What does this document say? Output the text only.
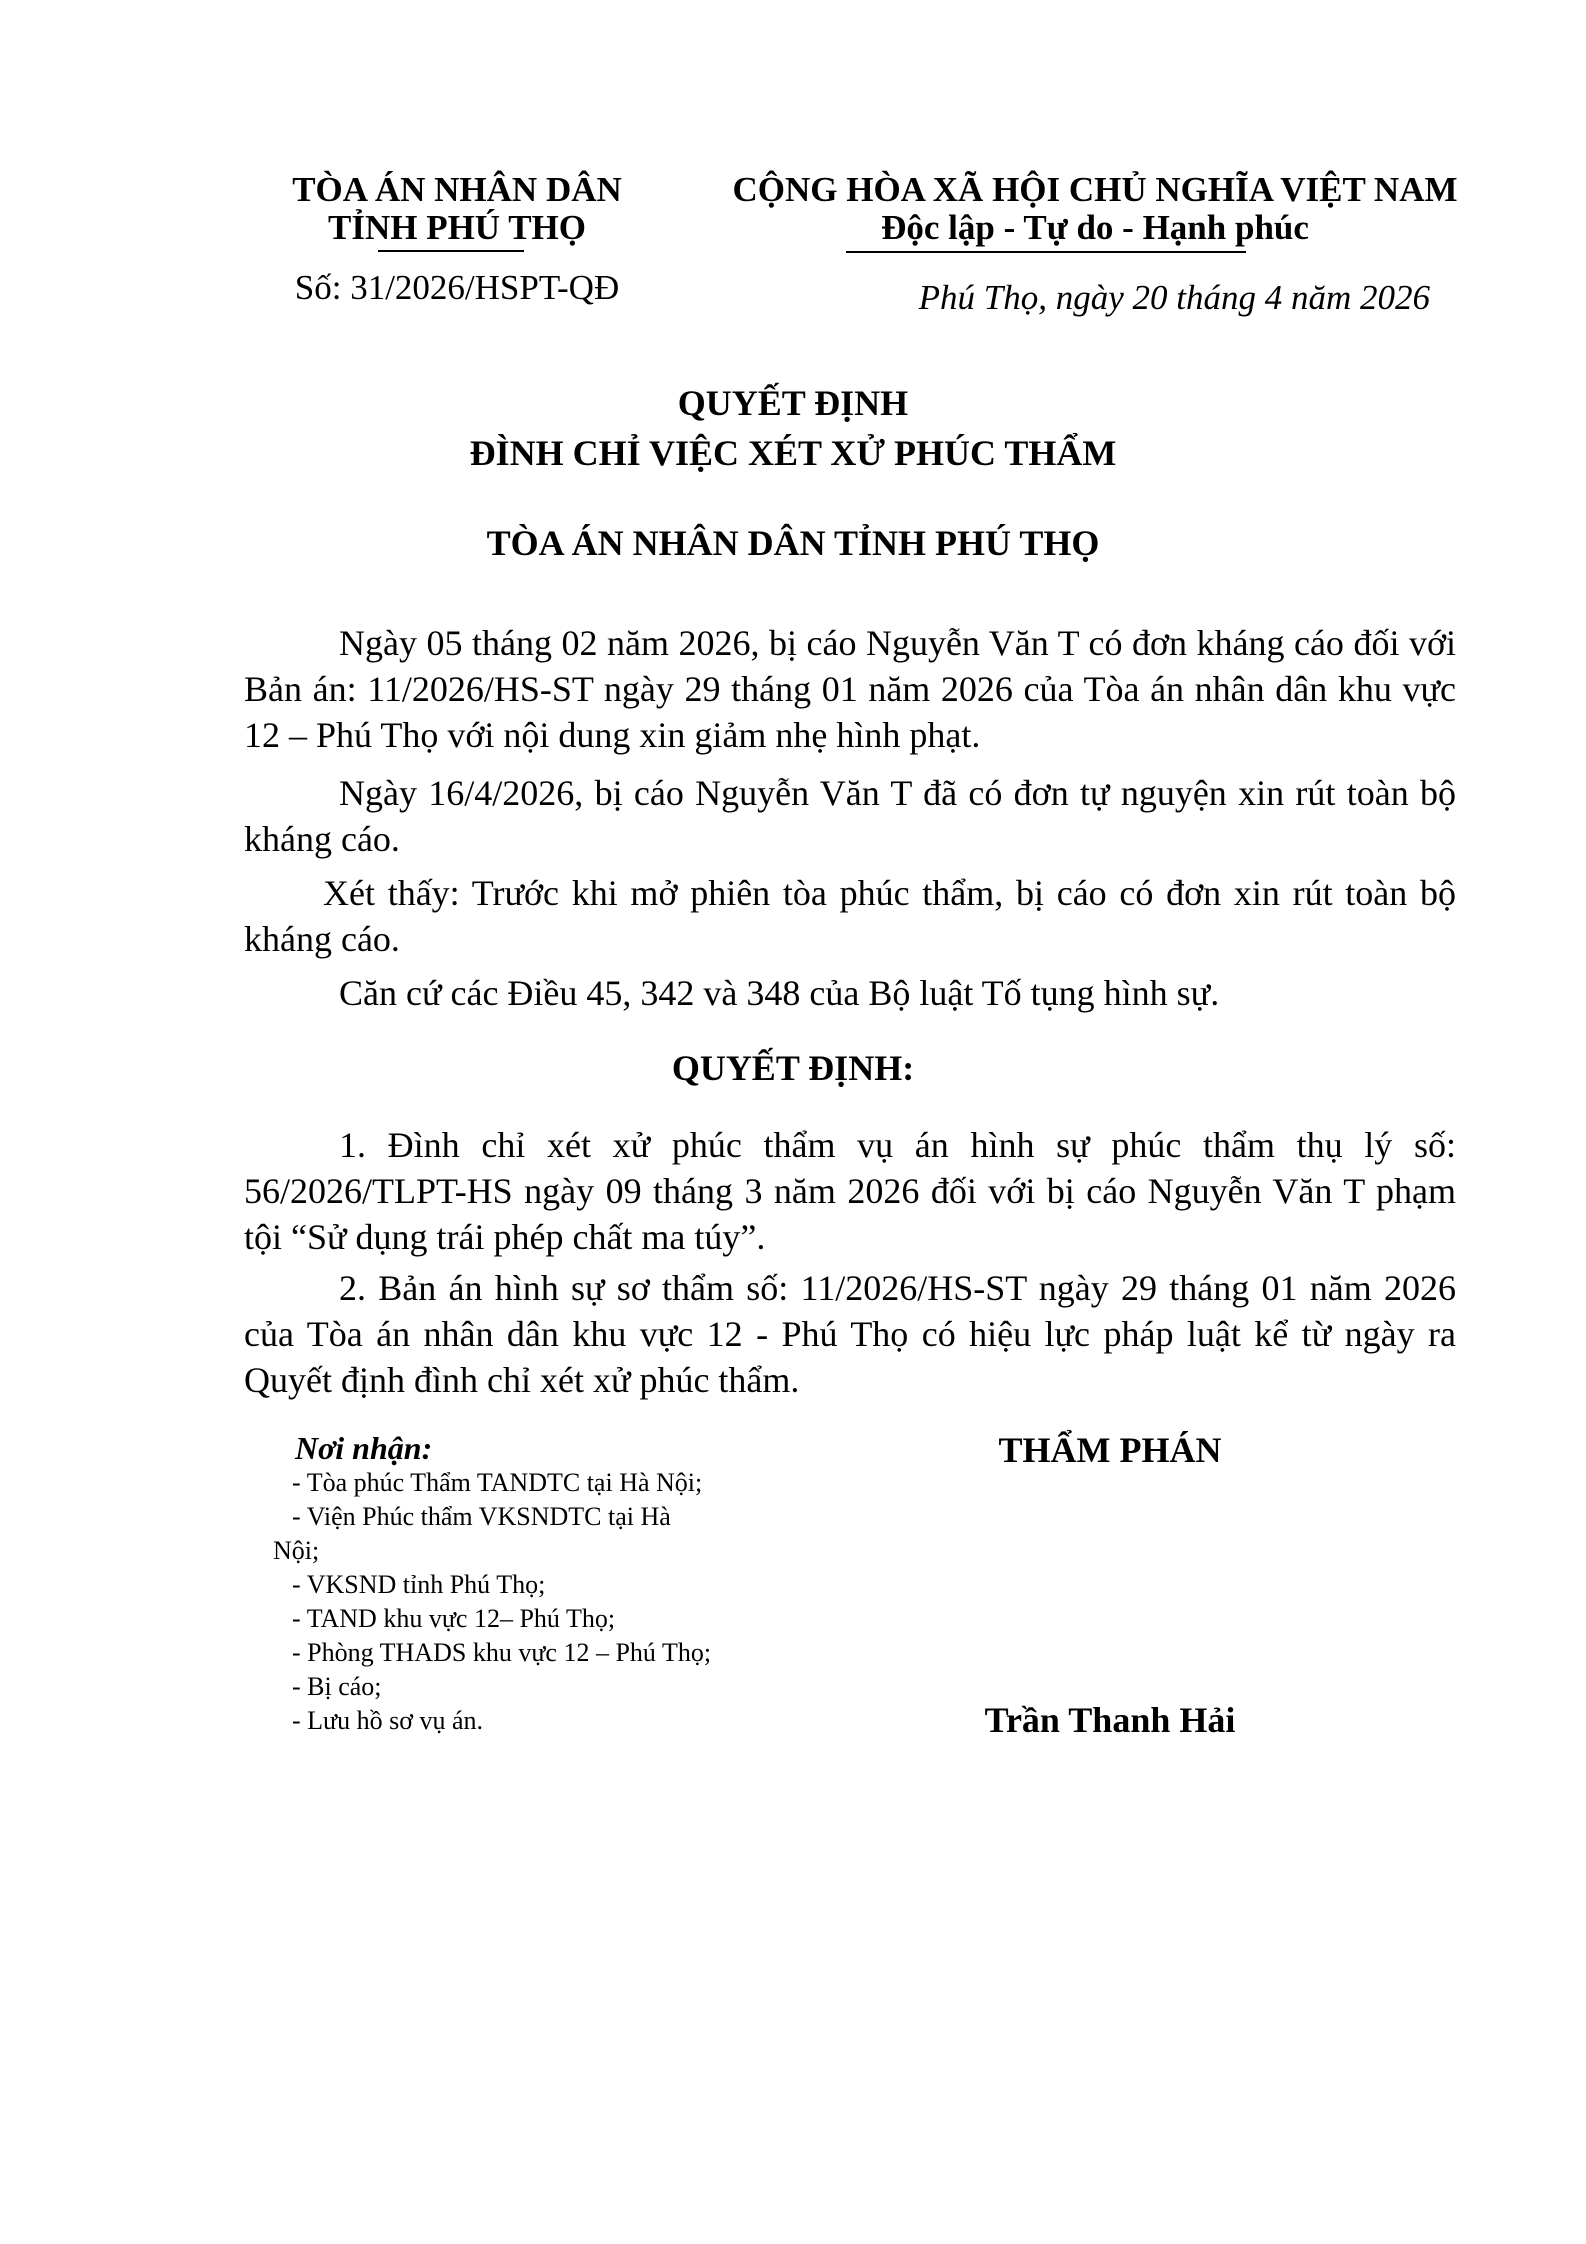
TÒA ÁN NHÂN DÂN
TỈNH PHÚ THỌ
Số: 31/2026/HSPT-QĐ
CỘNG HÒA XÃ HỘI CHỦ NGHĨA VIỆT NAM
Độc lập - Tự do - Hạnh phúc
Phú Thọ, ngày 20 tháng 4 năm 2026
QUYẾT ĐỊNH
ĐÌNH CHỈ VIỆC XÉT XỬ PHÚC THẨM
TÒA ÁN NHÂN DÂN TỈNH PHÚ THỌ
Ngày 05 tháng 02 năm 2026, bị cáo Nguyễn Văn T có đơn kháng cáo đối với Bản án: 11/2026/HS-ST ngày 29 tháng 01 năm 2026 của Tòa án nhân dân khu vực 12 – Phú Thọ với nội dung xin giảm nhẹ hình phạt.
Ngày 16/4/2026, bị cáo Nguyễn Văn T đã có đơn tự nguyện xin rút toàn bộ kháng cáo.
Xét thấy: Trước khi mở phiên tòa phúc thẩm, bị cáo có đơn xin rút toàn bộ kháng cáo.
Căn cứ các Điều 45, 342 và 348 của Bộ luật Tố tụng hình sự.
QUYẾT ĐỊNH:
1. Đình chỉ xét xử phúc thẩm vụ án hình sự phúc thẩm thụ lý số: 56/2026/TLPT-HS ngày 09 tháng 3 năm 2026 đối với bị cáo Nguyễn Văn T phạm tội “Sử dụng trái phép chất ma túy”.
2. Bản án hình sự sơ thẩm số: 11/2026/HS-ST ngày 29 tháng 01 năm 2026 của Tòa án nhân dân khu vực 12 - Phú Thọ có hiệu lực pháp luật kể từ ngày ra Quyết định đình chỉ xét xử phúc thẩm.
Nơi nhận:
- Tòa phúc Thẩm TANDTC tại Hà Nội;
- Viện Phúc thẩm VKSNDTC tại Hà
Nội;
- VKSND tỉnh Phú Thọ;
- TAND khu vực 12– Phú Thọ;
- Phòng THADS khu vực 12 – Phú Thọ;
- Bị cáo;
- Lưu hồ sơ vụ án.
THẨM PHÁN
Trần Thanh Hải
